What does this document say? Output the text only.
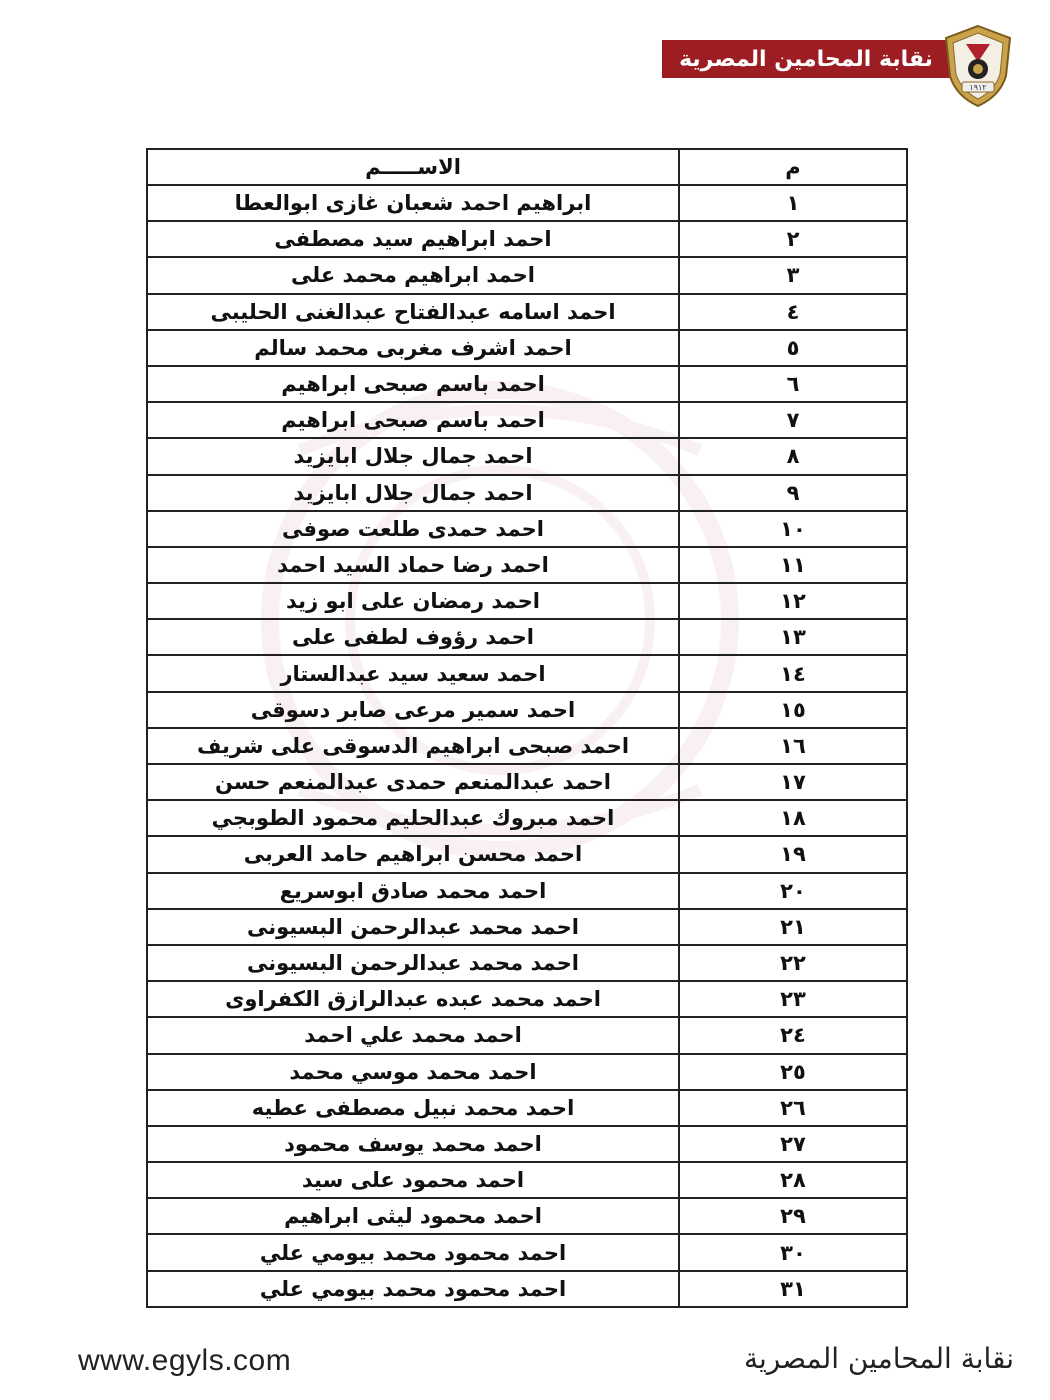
نقابة المحامين المصرية
١٩١٢
م	الاســـــم
١	ابراهيم احمد شعبان غازى ابوالعطا
٢	احمد ابراهيم سيد مصطفى
٣	احمد ابراهيم محمد على
٤	احمد اسامه عبدالفتاح عبدالغنى الحليبى
٥	احمد اشرف مغربى محمد سالم
٦	احمد باسم صبحى ابراهيم
٧	احمد باسم صبحى ابراهيم
٨	احمد جمال جلال ابايزيد
٩	احمد جمال جلال ابايزيد
١٠	احمد حمدى طلعت صوفى
١١	احمد رضا حماد السيد احمد
١٢	احمد رمضان على ابو زيد
١٣	احمد رؤوف لطفى على
١٤	احمد سعيد سيد عبدالستار
١٥	احمد سمير مرعى صابر دسوقى
١٦	احمد صبحى ابراهيم الدسوقى على شريف
١٧	احمد عبدالمنعم حمدى عبدالمنعم حسن
١٨	احمد مبروك عبدالحليم محمود الطوبجي
١٩	احمد محسن ابراهيم حامد العربى
٢٠	احمد محمد صادق ابوسريع
٢١	احمد محمد عبدالرحمن البسيونى
٢٢	احمد محمد عبدالرحمن البسيونى
٢٣	احمد محمد عبده عبدالرازق الكفراوى
٢٤	احمد محمد علي احمد
٢٥	احمد محمد موسي محمد
٢٦	احمد محمد نبيل مصطفى عطيه
٢٧	احمد محمد يوسف محمود
٢٨	احمد محمود على سيد
٢٩	احمد محمود ليثى ابراهيم
٣٠	احمد محمود محمد بيومي علي
٣١	احمد محمود محمد بيومي علي
www.egyls.com	نقابة المحامين المصرية
